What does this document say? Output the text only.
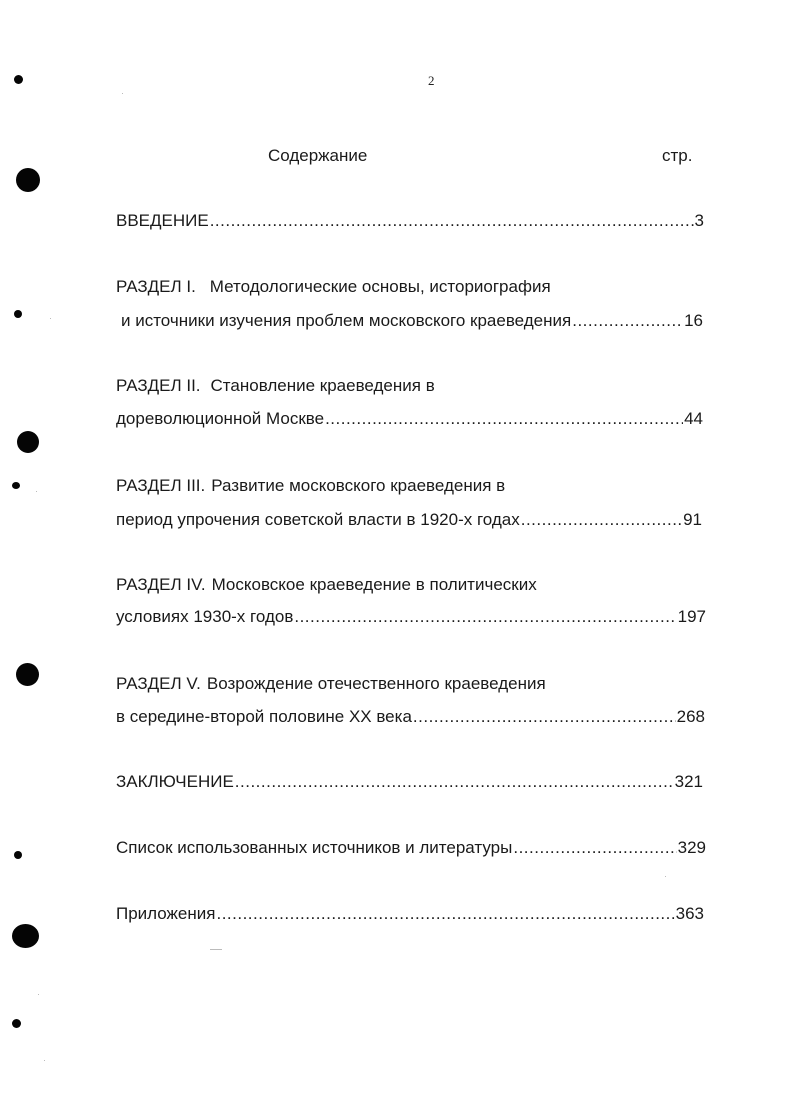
2
Содержание	стр.
ВВЕДЕНИЕ .....	3
РАЗДЕЛ I. Методологические основы, историография
и источники изучения проблем московского краеведения .....	16
РАЗДЕЛ II. Становление краеведения в
дореволюционной Москве .....	44
РАЗДЕЛ III. Развитие московского краеведения в
период упрочения советской власти в 1920-х годах .....	91
РАЗДЕЛ IV. Московское краеведение в политических
условиях 1930-х годов .....	197
РАЗДЕЛ V. Возрождение отечественного краеведения
в середине-второй половине XX века .....	268
ЗАКЛЮЧЕНИЕ .....	321
Список использованных источников и литературы .....	329
Приложения .....	363
